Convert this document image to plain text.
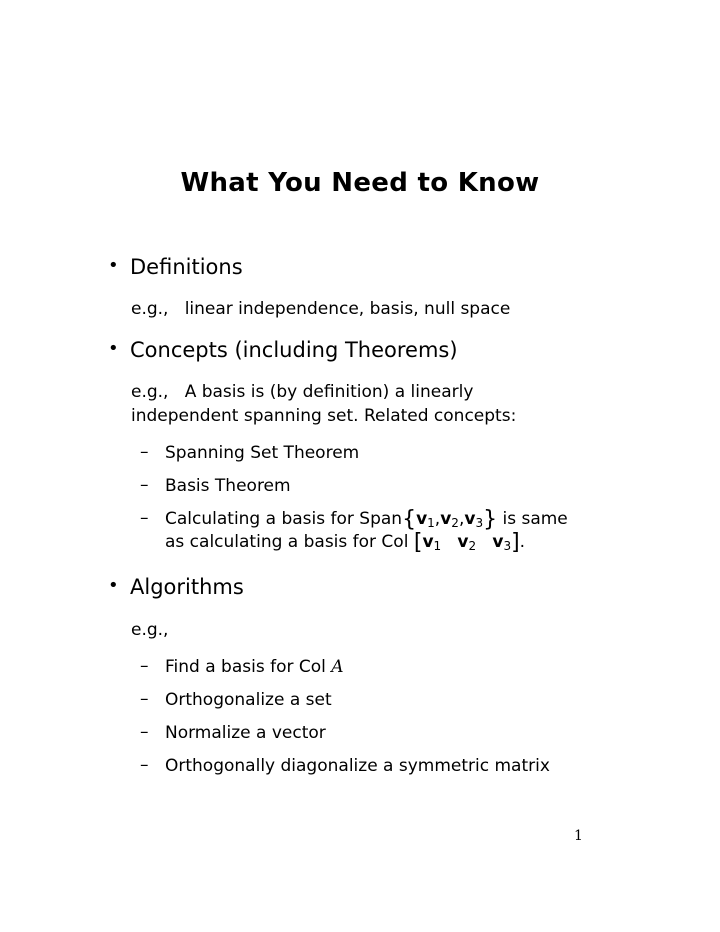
What You Need to Know
• Definitions
e.g., linear independence, basis, null space
• Concepts (including Theorems)
e.g., A basis is (by definition) a linearly
independent spanning set. Related concepts:
– Spanning Set Theorem
– Basis Theorem
– Calculating a basis for Span{v1,v2,v3} is same
as calculating a basis for Col [v1 v2 v3].
• Algorithms
e.g.,
– Find a basis for Col A
– Orthogonalize a set
– Normalize a vector
– Orthogonally diagonalize a symmetric matrix
1
